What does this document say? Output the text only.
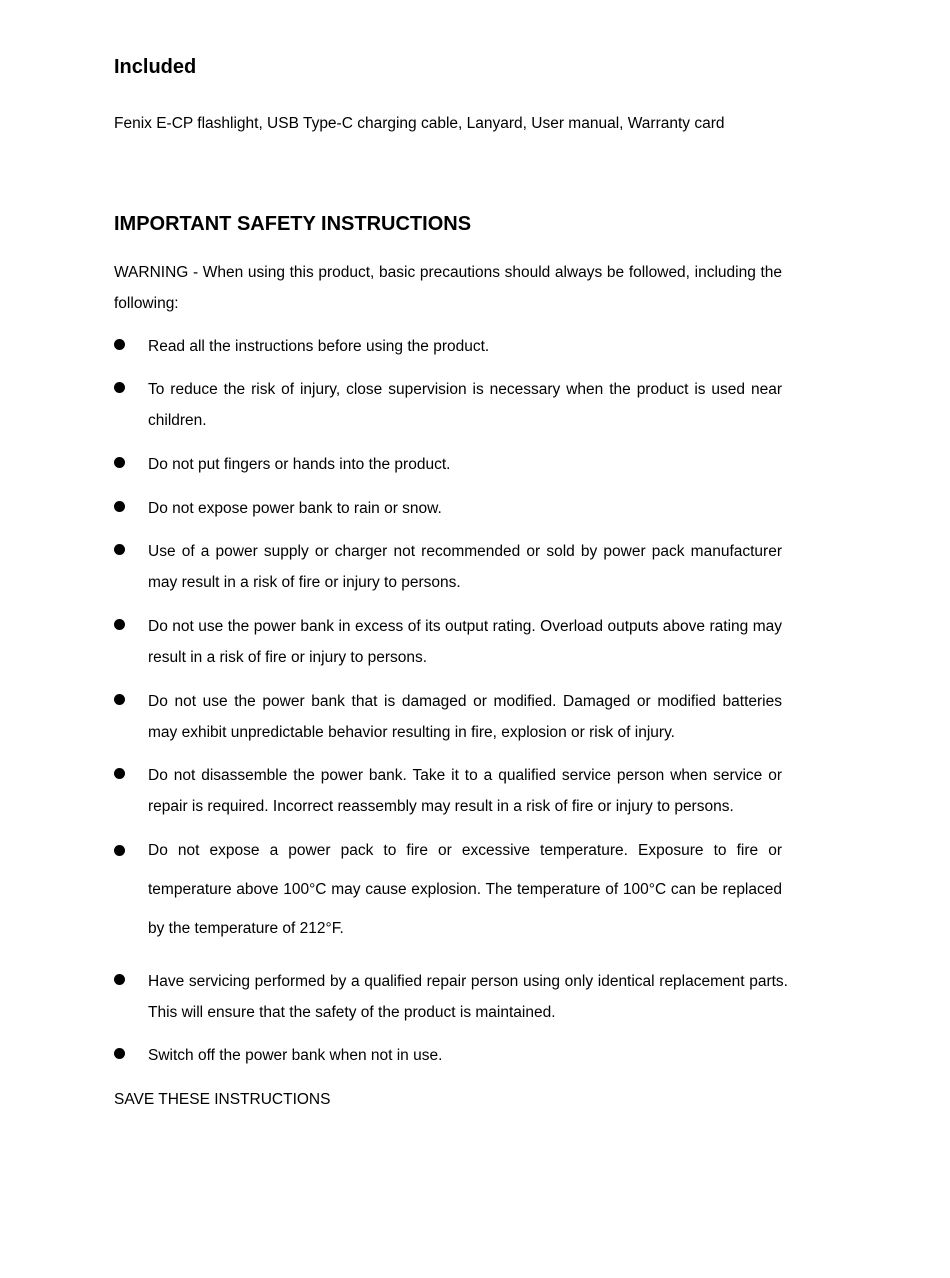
Included
Fenix E-CP flashlight, USB Type-C charging cable, Lanyard, User manual, Warranty card
IMPORTANT SAFETY INSTRUCTIONS
WARNING - When using this product, basic precautions should always be followed, including the following:
Read all the instructions before using the product.
To reduce the risk of injury, close supervision is necessary when the product is used near children.
Do not put fingers or hands into the product.
Do not expose power bank to rain or snow.
Use of a power supply or charger not recommended or sold by power pack manufacturer may result in a risk of fire or injury to persons.
Do not use the power bank in excess of its output rating. Overload outputs above rating may result in a risk of fire or injury to persons.
Do not use the power bank that is damaged or modified. Damaged or modified batteries may exhibit unpredictable behavior resulting in fire, explosion or risk of injury.
Do not disassemble the power bank. Take it to a qualified service person when service or repair is required. Incorrect reassembly may result in a risk of fire or injury to persons.
Do not expose a power pack to fire or excessive temperature. Exposure to fire or temperature above 100°C may cause explosion. The temperature of 100°C can be replaced by the temperature of 212°F.
Have servicing performed by a qualified repair person using only identical replacement parts. This will ensure that the safety of the product is maintained.
Switch off the power bank when not in use.
SAVE THESE INSTRUCTIONS
